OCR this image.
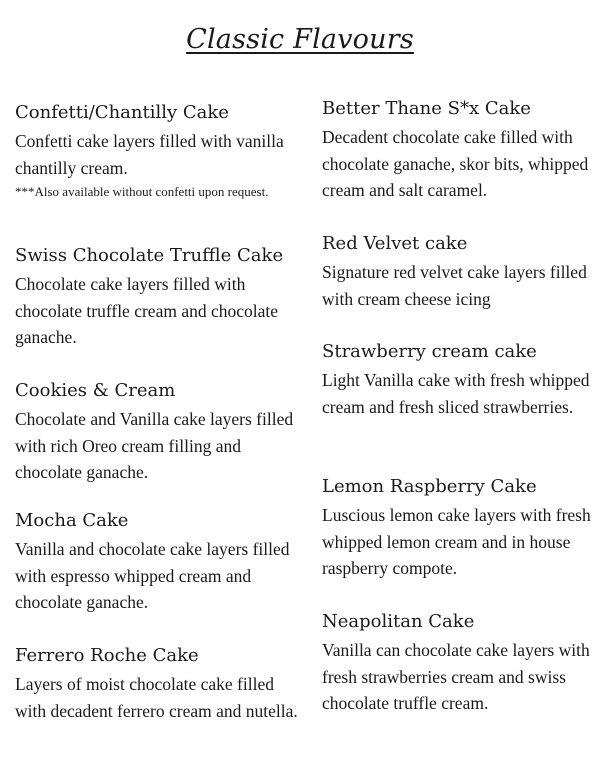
Classic Flavours
Confetti/Chantilly Cake
Confetti cake layers filled with vanilla chantilly cream.
***Also available without confetti upon request.
Swiss Chocolate Truffle Cake
Chocolate cake layers filled with chocolate truffle cream and chocolate ganache.
Cookies & Cream
Chocolate and Vanilla cake layers filled with rich Oreo cream filling and chocolate ganache.
Mocha Cake
Vanilla and chocolate cake layers filled with espresso whipped cream and chocolate ganache.
Ferrero Roche Cake
Layers of moist chocolate cake filled with decadent ferrero cream and nutella.
Better Thane S*x Cake
Decadent chocolate cake filled with chocolate ganache, skor bits, whipped cream and salt caramel.
Red Velvet cake
Signature red velvet cake layers filled with cream cheese icing
Strawberry cream cake
Light Vanilla cake with fresh whipped cream and fresh sliced strawberries.
Lemon Raspberry Cake
Luscious lemon cake layers with fresh whipped lemon cream and in house raspberry compote.
Neapolitan Cake
Vanilla can chocolate cake layers with fresh strawberries cream and swiss chocolate truffle cream.
